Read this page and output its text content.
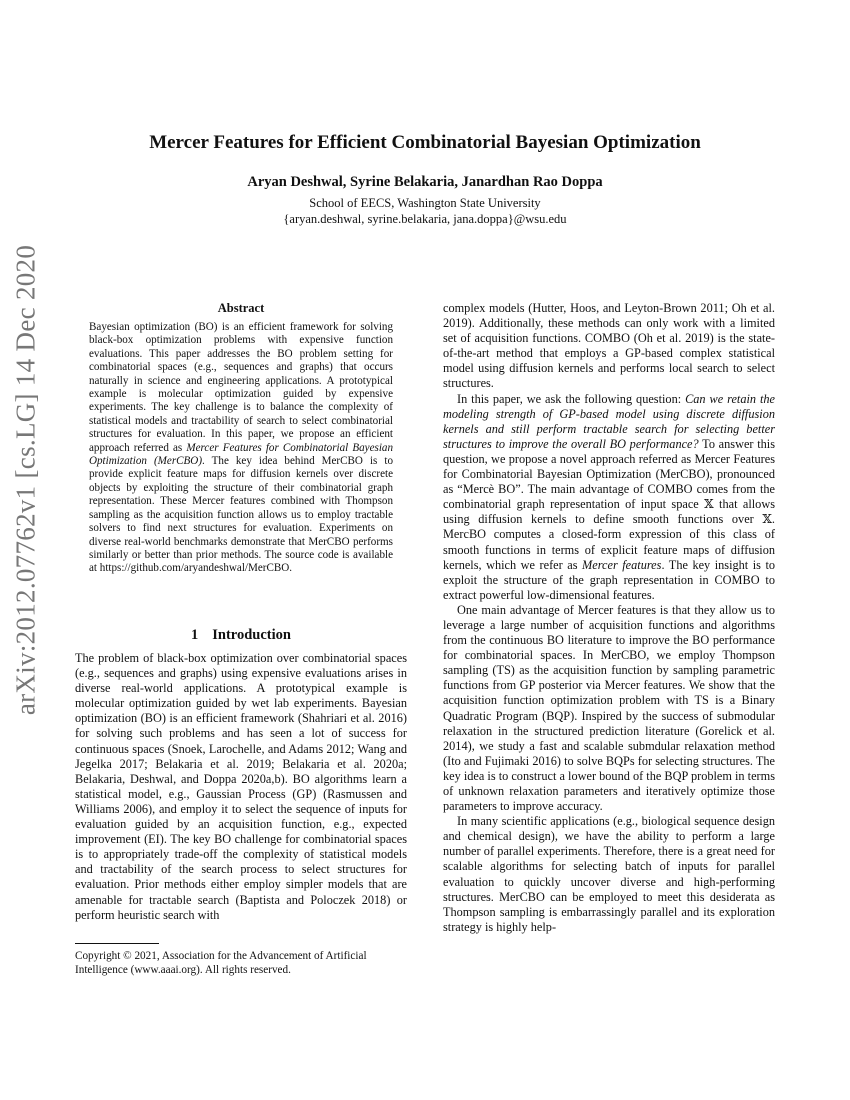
arXiv:2012.07762v1 [cs.LG] 14 Dec 2020
Mercer Features for Efficient Combinatorial Bayesian Optimization
Aryan Deshwal, Syrine Belakaria, Janardhan Rao Doppa
School of EECS, Washington State University
{aryan.deshwal, syrine.belakaria, jana.doppa}@wsu.edu
Abstract
Bayesian optimization (BO) is an efficient framework for solving black-box optimization problems with expensive function evaluations. This paper addresses the BO problem setting for combinatorial spaces (e.g., sequences and graphs) that occurs naturally in science and engineering applications. A prototypical example is molecular optimization guided by expensive experiments. The key challenge is to balance the complexity of statistical models and tractability of search to select combinatorial structures for evaluation. In this paper, we propose an efficient approach referred as Mercer Features for Combinatorial Bayesian Optimization (MerCBO). The key idea behind MerCBO is to provide explicit feature maps for diffusion kernels over discrete objects by exploiting the structure of their combinatorial graph representation. These Mercer features combined with Thompson sampling as the acquisition function allows us to employ tractable solvers to find next structures for evaluation. Experiments on diverse real-world benchmarks demonstrate that MerCBO performs similarly or better than prior methods. The source code is available at https://github.com/aryandeshwal/MerCBO.
1 Introduction

The problem of black-box optimization over combinatorial spaces (e.g., sequences and graphs) using expensive evaluations arises in diverse real-world applications. A prototypical example is molecular optimization guided by wet lab experiments. Bayesian optimization (BO) is an efficient framework (Shahriari et al. 2016) for solving such problems and has seen a lot of success for continuous spaces (Snoek, Larochelle, and Adams 2012; Wang and Jegelka 2017; Belakaria et al. 2019; Belakaria et al. 2020a; Belakaria, Deshwal, and Doppa 2020a,b). BO algorithms learn a statistical model, e.g., Gaussian Process (GP) (Rasmussen and Williams 2006), and employ it to select the sequence of inputs for evaluation guided by an acquisition function, e.g., expected improvement (EI). The key BO challenge for combinatorial spaces is to appropriately trade-off the complexity of statistical models and tractability of the search process to select structures for evaluation. Prior methods either employ simpler models that are amenable for tractable search (Baptista and Poloczek 2018) or perform heuristic search with

Copyright © 2021, Association for the Advancement of Artificial Intelligence (www.aaai.org). All rights reserved.

complex models (Hutter, Hoos, and Leyton-Brown 2011; Oh et al. 2019). Additionally, these methods can only work with a limited set of acquisition functions. COMBO (Oh et al. 2019) is the state-of-the-art method that employs a GP-based complex statistical model using diffusion kernels and performs local search to select structures.

In this paper, we ask the following question: Can we retain the modeling strength of GP-based model using discrete diffusion kernels and still perform tractable search for selecting better structures to improve the overall BO performance? To answer this question, we propose a novel approach referred as Mercer Features for Combinatorial Bayesian Optimization (MerCBO), pronounced as “Mercè BO”. The main advantage of COMBO comes from the combinatorial graph representation of input space 𝕏 that allows using diffusion kernels to define smooth functions over 𝕏. MercBO computes a closed-form expression of this class of smooth functions in terms of explicit feature maps of diffusion kernels, which we refer as Mercer features. The key insight is to exploit the structure of the graph representation in COMBO to extract powerful low-dimensional features.

One main advantage of Mercer features is that they allow us to leverage a large number of acquisition functions and algorithms from the continuous BO literature to improve the BO performance for combinatorial spaces. In MerCBO, we employ Thompson sampling (TS) as the acquisition function by sampling parametric functions from GP posterior via Mercer features. We show that the acquisition function optimization problem with TS is a Binary Quadratic Program (BQP). Inspired by the success of submodular relaxation in the structured prediction literature (Gorelick et al. 2014), we study a fast and scalable submdular relaxation method (Ito and Fujimaki 2016) to solve BQPs for selecting structures. The key idea is to construct a lower bound of the BQP problem in terms of unknown relaxation parameters and iteratively optimize those parameters to improve accuracy.

In many scientific applications (e.g., biological sequence design and chemical design), we have the ability to perform a large number of parallel experiments. Therefore, there is a great need for scalable algorithms for selecting batch of inputs for parallel evaluation to quickly uncover diverse and high-performing structures. MerCBO can be employed to meet this desiderata as Thompson sampling is embarrassingly parallel and its exploration strategy is highly help-
